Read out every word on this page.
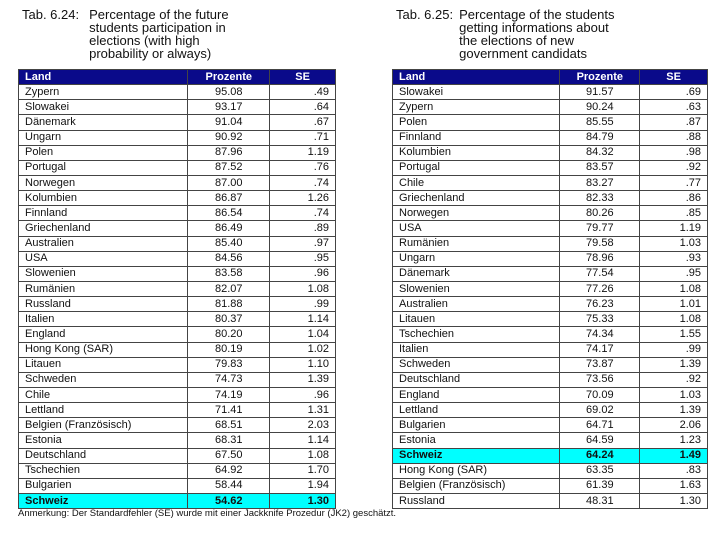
Tab. 6.24: Percentage of the future
students participation in
elections (with high
probability or always)
Tab. 6.25: Percentage of the students
getting informations about
the elections of new
government candidats
Land	Prozente	SE
Zypern	95.08	.49
Slowakei	93.17	.64
Dänemark	91.04	.67
Ungarn	90.92	.71
Polen	87.96	1.19
Portugal	87.52	.76
Norwegen	87.00	.74
Kolumbien	86.87	1.26
Finnland	86.54	.74
Griechenland	86.49	.89
Australien	85.40	.97
USA	84.56	.95
Slowenien	83.58	.96
Rumänien	82.07	1.08
Russland	81.88	.99
Italien	80.37	1.14
England	80.20	1.04
Hong Kong (SAR)	80.19	1.02
Litauen	79.83	1.10
Schweden	74.73	1.39
Chile	74.19	.96
Lettland	71.41	1.31
Belgien (Französisch)	68.51	2.03
Estonia	68.31	1.14
Deutschland	67.50	1.08
Tschechien	64.92	1.70
Bulgarien	58.44	1.94
Schweiz	54.62	1.30
Land	Prozente	SE
Slowakei	91.57	.69
Zypern	90.24	.63
Polen	85.55	.87
Finnland	84.79	.88
Kolumbien	84.32	.98
Portugal	83.57	.92
Chile	83.27	.77
Griechenland	82.33	.86
Norwegen	80.26	.85
USA	79.77	1.19
Rumänien	79.58	1.03
Ungarn	78.96	.93
Dänemark	77.54	.95
Slowenien	77.26	1.08
Australien	76.23	1.01
Litauen	75.33	1.08
Tschechien	74.34	1.55
Italien	74.17	.99
Schweden	73.87	1.39
Deutschland	73.56	.92
England	70.09	1.03
Lettland	69.02	1.39
Bulgarien	64.71	2.06
Estonia	64.59	1.23
Schweiz	64.24	1.49
Hong Kong (SAR)	63.35	.83
Belgien (Französisch)	61.39	1.63
Russland	48.31	1.30
Anmerkung: Der Standardfehler (SE) wurde mit einer Jackknife Prozedur (JK2) geschätzt.
